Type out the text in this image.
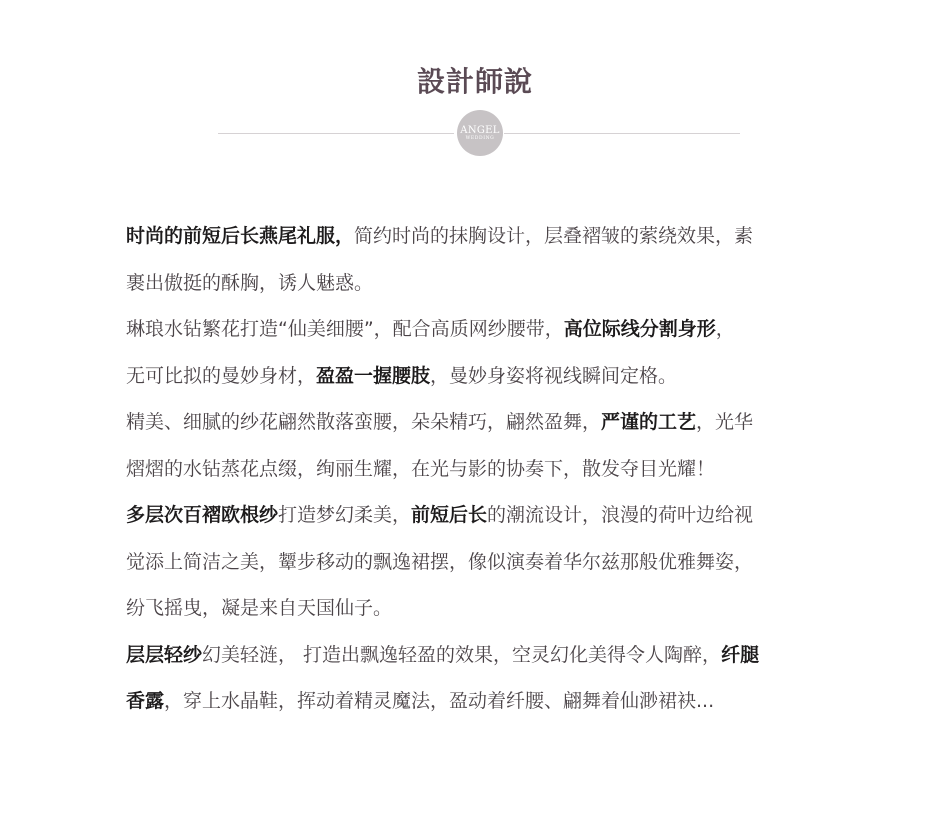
設計師說
ANGEL
WEDDING
时尚的前短后长燕尾礼服，简约时尚的抹胸设计，层叠褶皱的萦绕效果，素
裹出傲挺的酥胸，诱人魅惑。
琳琅水钻繁花打造“仙美细腰”，配合高质网纱腰带，高位际线分割身形，
无可比拟的曼妙身材，盈盈一握腰肢，曼妙身姿将视线瞬间定格。
精美、细腻的纱花翩然散落蛮腰，朵朵精巧，翩然盈舞，严谨的工艺，光华
熠熠的水钻蒸花点缀，绚丽生耀，在光与影的协奏下，散发夺目光耀！
多层次百褶欧根纱打造梦幻柔美，前短后长的潮流设计，浪漫的荷叶边给视
觉添上简洁之美，颦步移动的飘逸裙摆，像似演奏着华尔兹那般优雅舞姿，
纷飞摇曳，凝是来自天国仙子。
层层轻纱幻美轻涟， 打造出飘逸轻盈的效果，空灵幻化美得令人陶醉，纤腿
香露，穿上水晶鞋，挥动着精灵魔法，盈动着纤腰、翩舞着仙渺裙袂...
